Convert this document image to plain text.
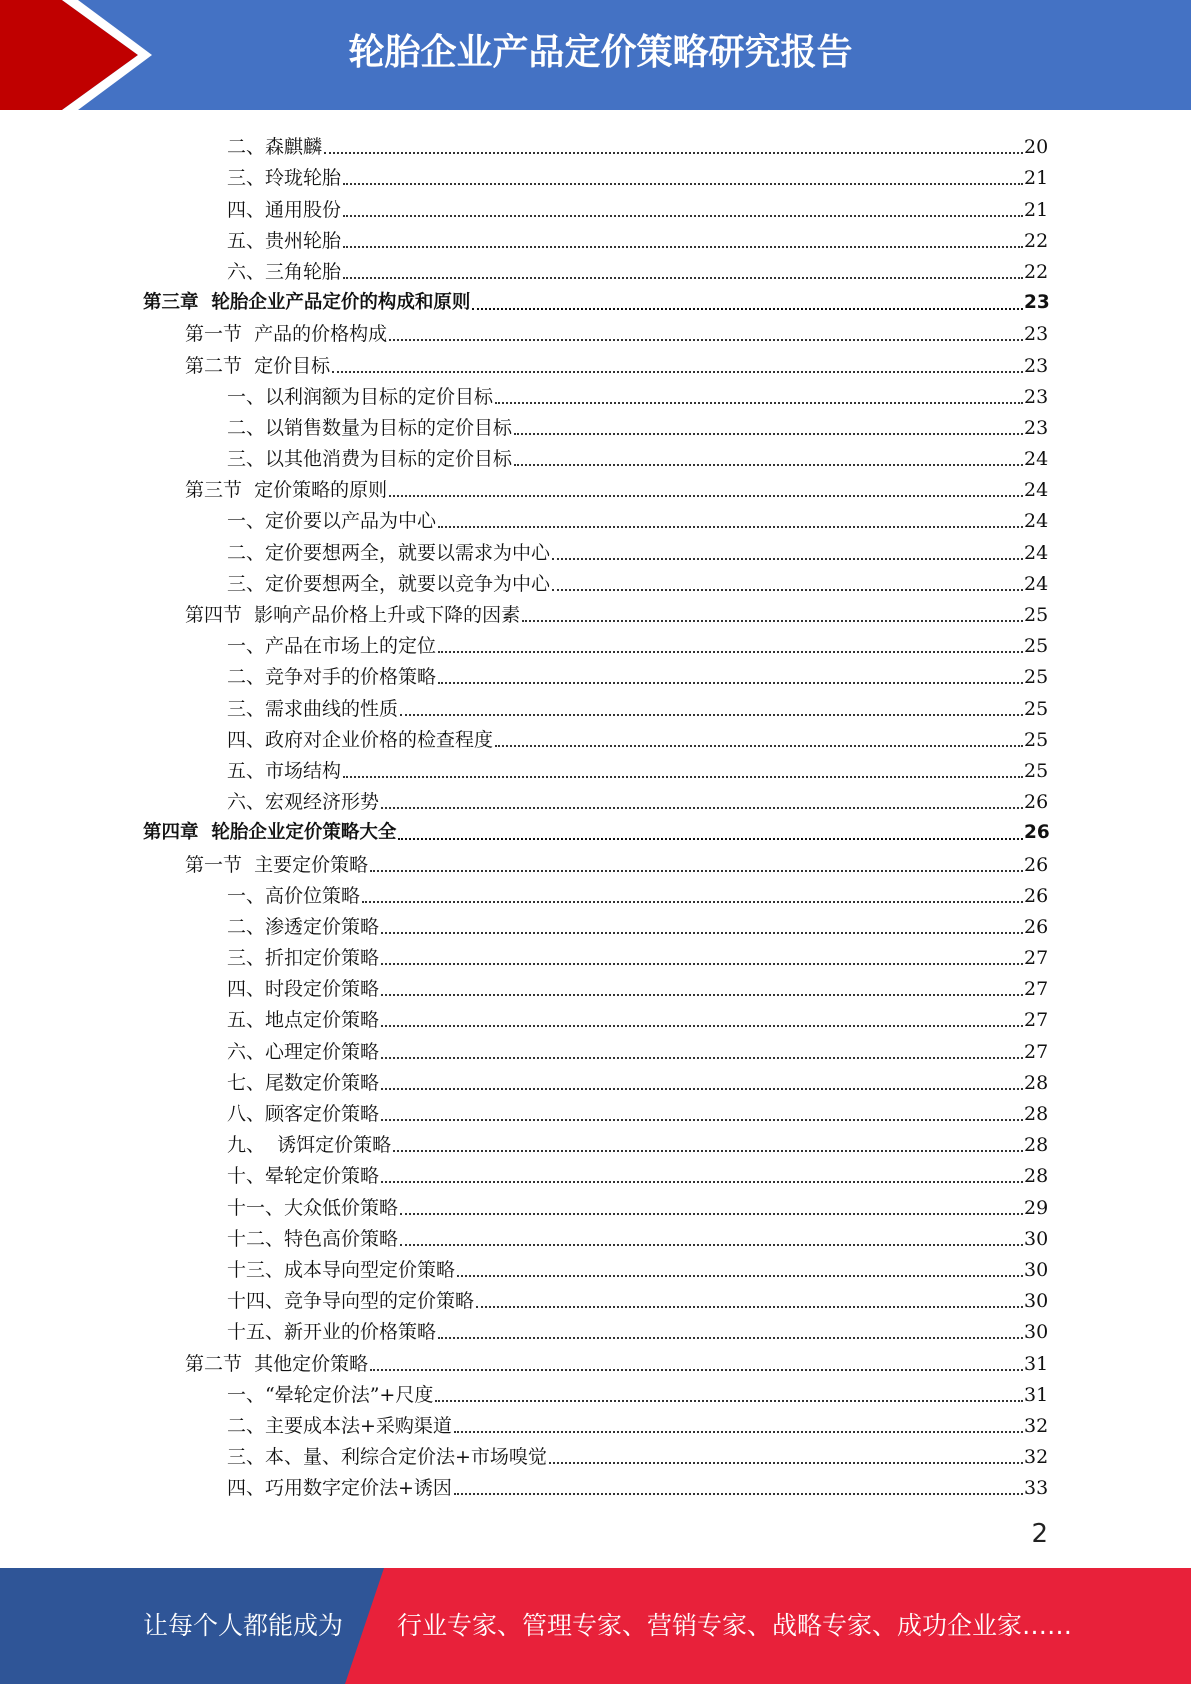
轮胎企业产品定价策略研究报告
二、森麒麟	20
三、玲珑轮胎	21
四、通用股份	21
五、贵州轮胎	22
六、三角轮胎	22
第三章  轮胎企业产品定价的构成和原则	23
第一节  产品的价格构成	23
第二节  定价目标	23
一、以利润额为目标的定价目标	23
二、以销售数量为目标的定价目标	23
三、以其他消费为目标的定价目标	24
第三节  定价策略的原则	24
一、定价要以产品为中心	24
二、定价要想两全，就要以需求为中心	24
三、定价要想两全，就要以竞争为中心	24
第四节  影响产品价格上升或下降的因素	25
一、产品在市场上的定位	25
二、竞争对手的价格策略	25
三、需求曲线的性质	25
四、政府对企业价格的检查程度	25
五、市场结构	25
六、宏观经济形势	26
第四章  轮胎企业定价策略大全	26
第一节  主要定价策略	26
一、高价位策略	26
二、渗透定价策略	26
三、折扣定价策略	27
四、时段定价策略	27
五、地点定价策略	27
六、心理定价策略	27
七、尾数定价策略	28
八、顾客定价策略	28
九、  诱饵定价策略	28
十、晕轮定价策略	28
十一、大众低价策略	29
十二、特色高价策略	30
十三、成本导向型定价策略	30
十四、竞争导向型的定价策略	30
十五、新开业的价格策略	30
第二节  其他定价策略	31
一、“晕轮定价法”+尺度	31
二、主要成本法+采购渠道	32
三、本、量、利综合定价法+市场嗅觉	32
四、巧用数字定价法+诱因	33
2
让每个人都能成为 行业专家、管理专家、营销专家、战略专家、成功企业家……
